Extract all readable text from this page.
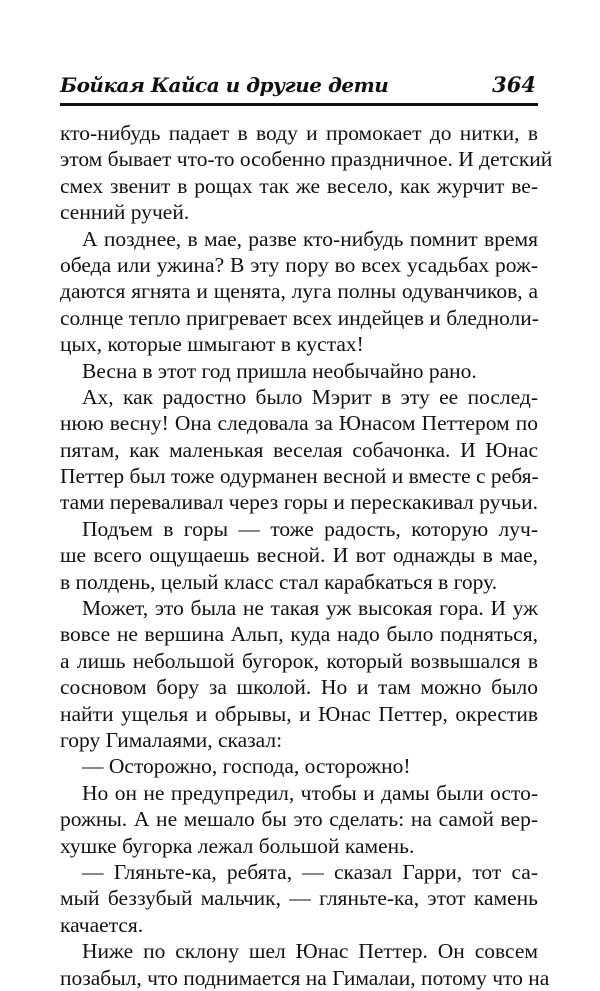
Бойкая Кайса и другие дети	364
кто-нибудь падает в воду и промокает до нитки, в
этом бывает что-то особенно праздничное. И детский
смех звенит в рощах так же весело, как журчит ве-
сенний ручей.
А позднее, в мае, разве кто-нибудь помнит время
обеда или ужина? В эту пору во всех усадьбах рож-
даются ягнята и щенята, луга полны одуванчиков, а
солнце тепло пригревает всех индейцев и бледноли-
цых, которые шмыгают в кустах!
Весна в этот год пришла необычайно рано.
Ах, как радостно было Мэрит в эту ее послед-
нюю весну! Она следовала за Юнасом Петтером по
пятам, как маленькая веселая собачонка. И Юнас
Петтер был тоже одурманен весной и вместе с ребя-
тами переваливал через горы и перескакивал ручьи.
Подъем в горы — тоже радость, которую луч-
ше всего ощущаешь весной. И вот однажды в мае,
в полдень, целый класс стал карабкаться в гору.
Может, это была не такая уж высокая гора. И уж
вовсе не вершина Альп, куда надо было подняться,
а лишь небольшой бугорок, который возвышался в
сосновом бору за школой. Но и там можно было
найти ущелья и обрывы, и Юнас Петтер, окрестив
гору Гималаями, сказал:
— Осторожно, господа, осторожно!
Но он не предупредил, чтобы и дамы были осто-
рожны. А не мешало бы это сделать: на самой вер-
хушке бугорка лежал большой камень.
— Гляньте-ка, ребята, — сказал Гарри, тот са-
мый беззубый мальчик, — гляньте-ка, этот камень
качается.
Ниже по склону шел Юнас Петтер. Он совсем
позабыл, что поднимается на Гималаи, потому что на
